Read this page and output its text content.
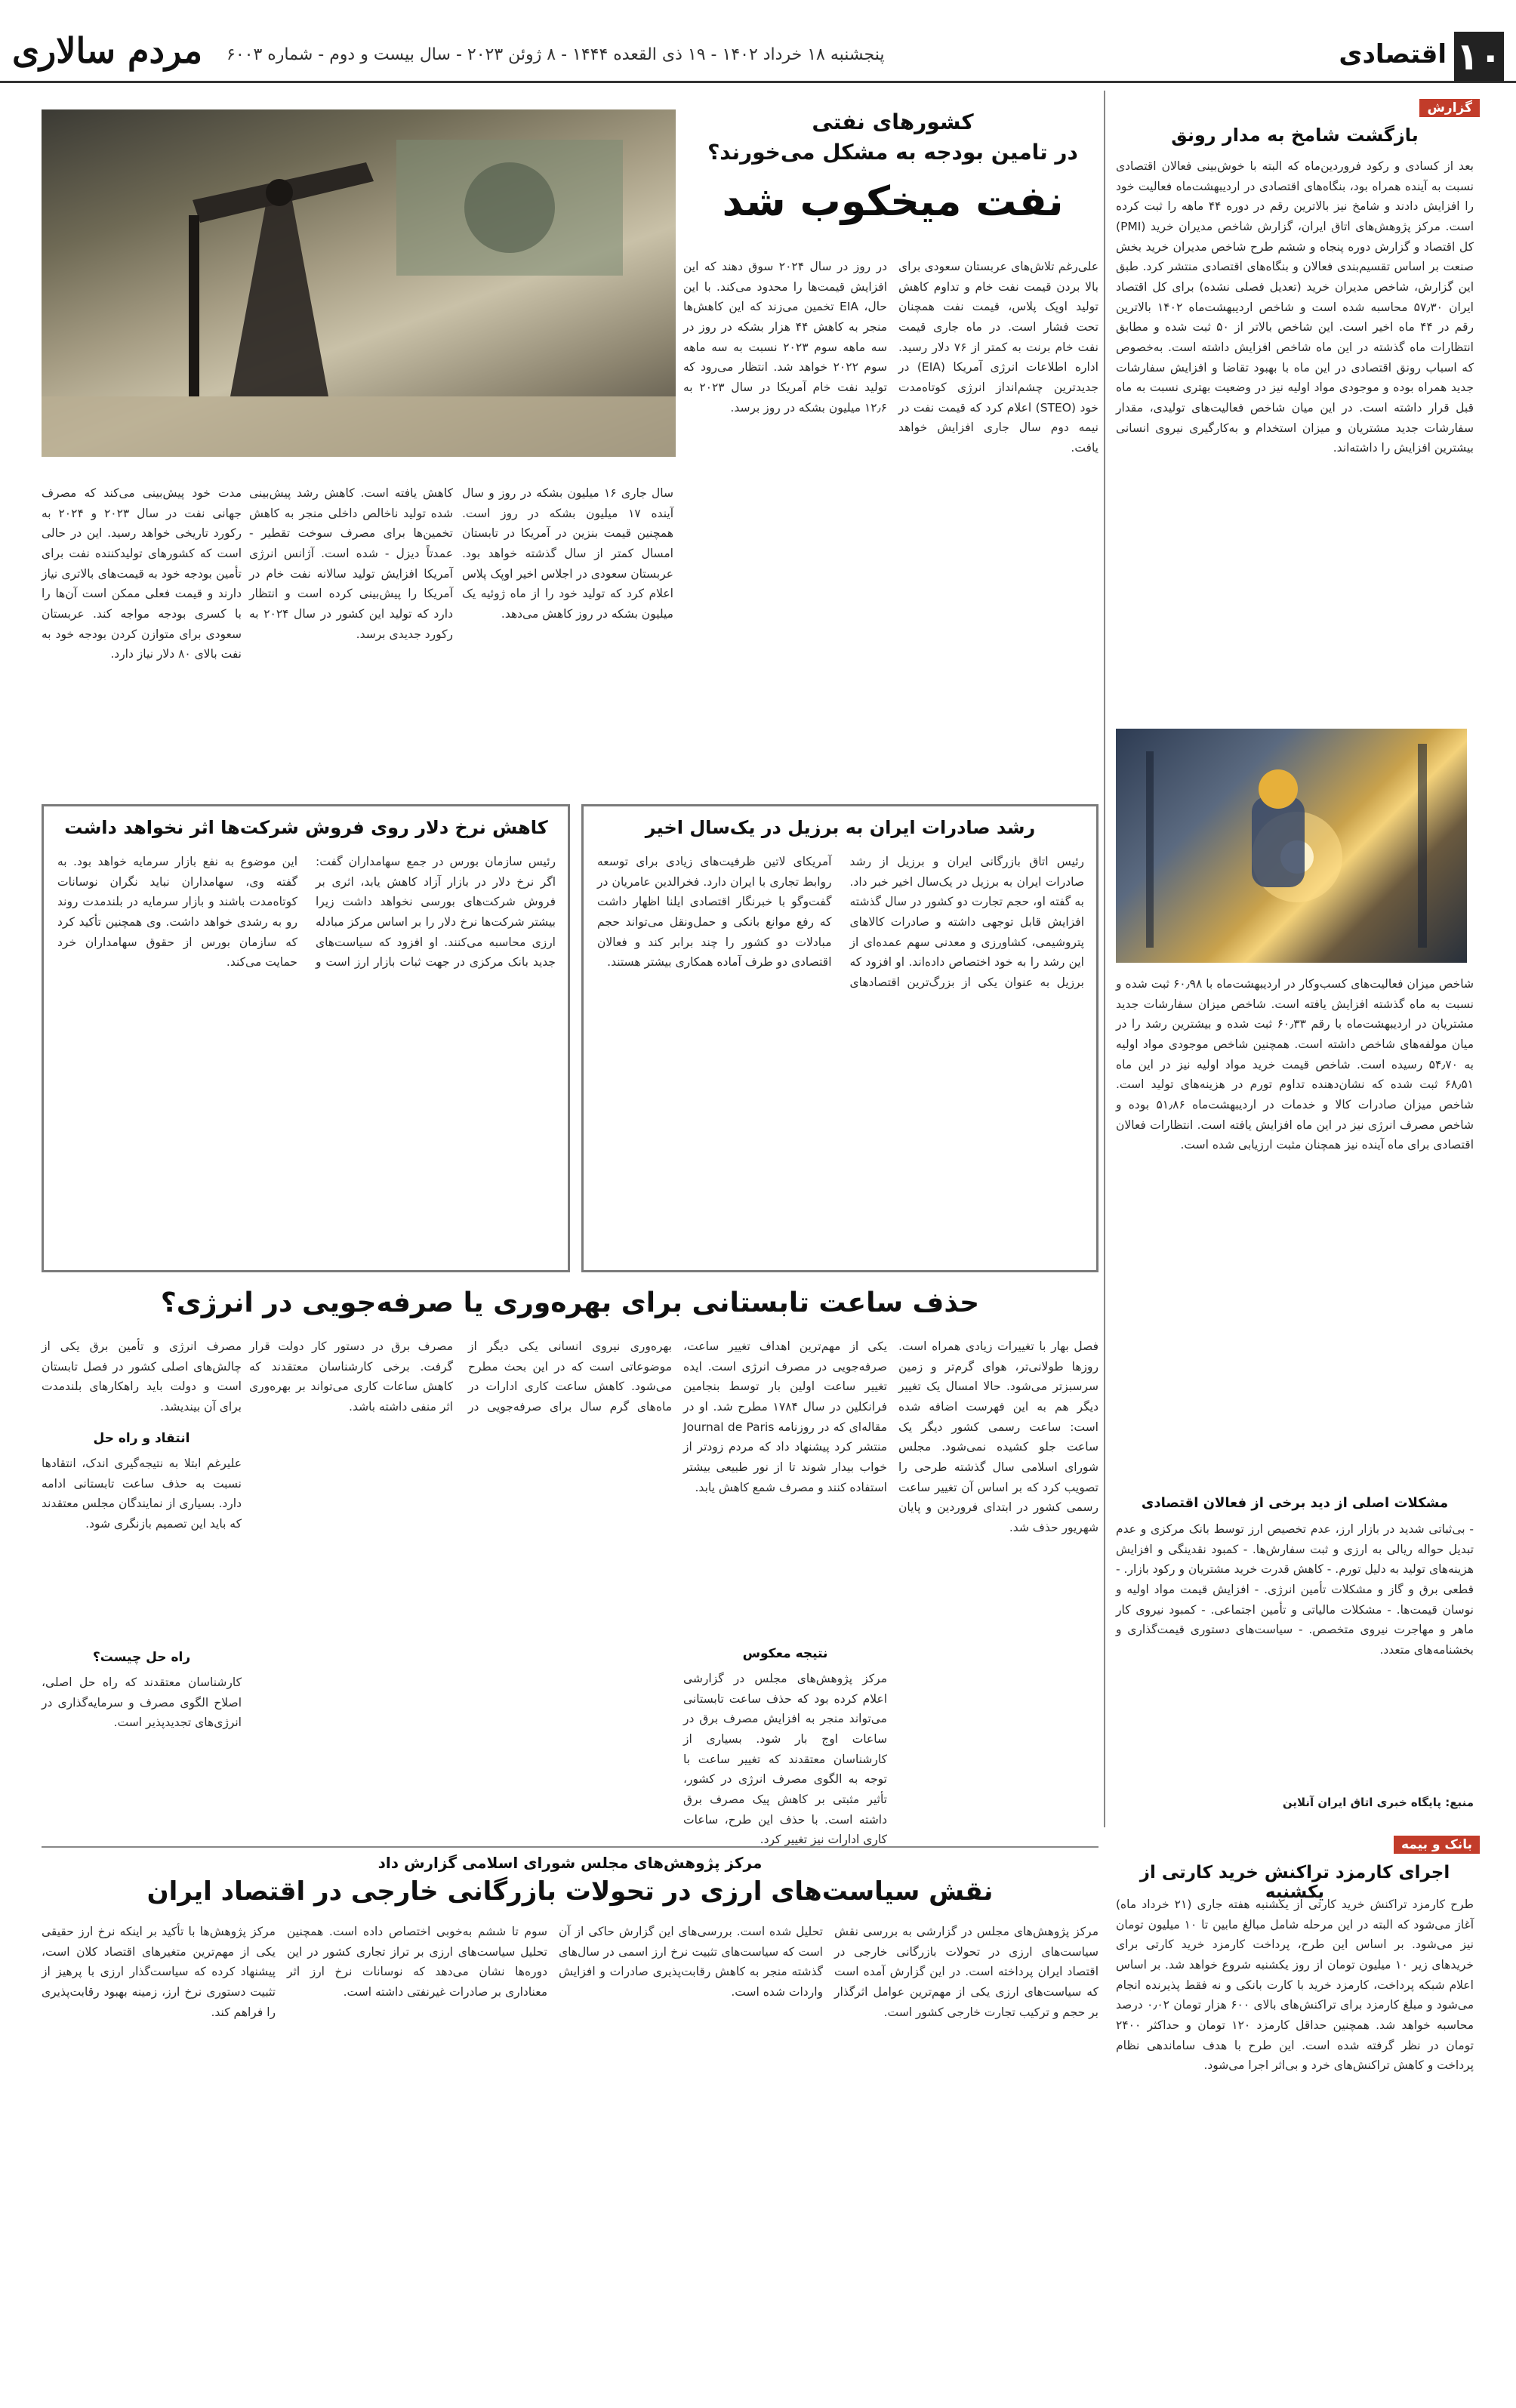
۱۰
اقتصادی
مردم سالاری پنجشنبه ۱۸ خرداد ۱۴۰۲ - ۱۹ ذی القعده ۱۴۴۴ - ۸ ژوئن ۲۰۲۳ - سال بیست و دوم - شماره ۶۰۰۳
گزارش
بازگشت شامخ به مدار رونق
بعد از کسادی و رکود فروردین‌ماه که البته با خوش‌بینی فعالان اقتصادی نسبت به آینده همراه بود، بنگاه‌های اقتصادی در اردیبهشت‌ماه فعالیت خود را افزایش دادند و شامخ نیز بالاترین رقم در دوره ۴۴ ماهه را ثبت کرده است. مرکز پژوهش‌های اتاق ایران، گزارش شاخص مدیران خرید (PMI) کل اقتصاد و گزارش دوره پنجاه و ششم طرح شاخص مدیران خرید بخش صنعت بر اساس تقسیم‌بندی فعالان و بنگاه‌های اقتصادی منتشر کرد. طبق این گزارش، شاخص مدیران خرید (تعدیل فصلی نشده) برای کل اقتصاد ایران ۵۷٫۳۰ محاسبه شده است و شاخص اردیبهشت‌ماه ۱۴۰۲ بالاترین رقم در ۴۴ ماه اخیر است. این شاخص بالاتر از ۵۰ ثبت شده و مطابق انتظارات ماه گذشته در این ماه شاخص افزایش داشته است. به‌خصوص که اسباب رونق اقتصادی در این ماه با بهبود تقاضا و افزایش سفارشات جدید همراه بوده و موجودی مواد اولیه نیز در وضعیت بهتری نسبت به ماه قبل قرار داشته است. در این میان شاخص فعالیت‌های تولیدی، مقدار سفارشات جدید مشتریان و میزان استخدام و به‌کارگیری نیروی انسانی بیشترین افزایش را داشته‌اند.
شاخص میزان فعالیت‌های کسب‌وکار در اردیبهشت‌ماه با ۶۰٫۹۸ ثبت شده و نسبت به ماه گذشته افزایش یافته است. شاخص میزان سفارشات جدید مشتریان در اردیبهشت‌ماه با رقم ۶۰٫۳۳ ثبت شده و بیشترین رشد را در میان مولفه‌های شاخص داشته است. همچنین شاخص موجودی مواد اولیه به ۵۴٫۷۰ رسیده است. شاخص قیمت خرید مواد اولیه نیز در این ماه ۶۸٫۵۱ ثبت شده که نشان‌دهنده تداوم تورم در هزینه‌های تولید است. شاخص میزان صادرات کالا و خدمات در اردیبهشت‌ماه ۵۱٫۸۶ بوده و شاخص مصرف انرژی نیز در این ماه افزایش یافته است. انتظارات فعالان اقتصادی برای ماه آینده نیز همچنان مثبت ارزیابی شده است.
مشکلات اصلی از دید برخی از فعالان اقتصادی
- بی‌ثباتی شدید در بازار ارز، عدم تخصیص ارز توسط بانک مرکزی و عدم تبدیل حواله ریالی به ارزی و ثبت سفارش‌ها. - کمبود نقدینگی و افزایش هزینه‌های تولید به دلیل تورم. - کاهش قدرت خرید مشتریان و رکود بازار. - قطعی برق و گاز و مشکلات تأمین انرژی. - افزایش قیمت مواد اولیه و نوسان قیمت‌ها. - مشکلات مالیاتی و تأمین اجتماعی. - کمبود نیروی کار ماهر و مهاجرت نیروی متخصص. - سیاست‌های دستوری قیمت‌گذاری و بخشنامه‌های متعدد.
منبع: پایگاه خبری اتاق ایران آنلاین
کشورهای نفتی
در تامین بودجه به مشکل می‌خورند؟
نفت میخکوب شد
علی‌رغم تلاش‌های عربستان سعودی برای بالا بردن قیمت نفت خام و تداوم کاهش تولید اوپک پلاس، قیمت نفت همچنان تحت فشار است. در ماه جاری قیمت نفت خام برنت به کمتر از ۷۶ دلار رسید. اداره اطلاعات انرژی آمریکا (EIA) در جدیدترین چشم‌انداز انرژی کوتاه‌مدت خود (STEO) اعلام کرد که قیمت نفت در نیمه دوم سال جاری افزایش خواهد یافت.
در روز در سال ۲۰۲۴ سوق دهند که این افزایش قیمت‌ها را محدود می‌کند. با این حال، EIA تخمین می‌زند که این کاهش‌ها منجر به کاهش ۴۴ هزار بشکه در روز در سه ماهه سوم ۲۰۲۳ نسبت به سه ماهه سوم ۲۰۲۲ خواهد شد. انتظار می‌رود که تولید نفت خام آمریکا در سال ۲۰۲۳ به ۱۲٫۶ میلیون بشکه در روز برسد.
سال جاری ۱۶ میلیون بشکه در روز و سال آینده ۱۷ میلیون بشکه در روز است. همچنین قیمت بنزین در آمریکا در تابستان امسال کمتر از سال گذشته خواهد بود. عربستان سعودی در اجلاس اخیر اوپک پلاس اعلام کرد که تولید خود را از ماه ژوئیه یک میلیون بشکه در روز کاهش می‌دهد.
کاهش یافته است. کاهش رشد پیش‌بینی شده تولید ناخالص داخلی منجر به کاهش تخمین‌ها برای مصرف سوخت تقطیر - عمدتاً دیزل - شده است. آژانس انرژی آمریکا افزایش تولید سالانه نفت خام در آمریکا را پیش‌بینی کرده است و انتظار دارد که تولید این کشور در سال ۲۰۲۴ به رکورد جدیدی برسد.
مدت خود پیش‌بینی می‌کند که مصرف جهانی نفت در سال ۲۰۲۳ و ۲۰۲۴ به رکورد تاریخی خواهد رسید. این در حالی است که کشورهای تولیدکننده نفت برای تأمین بودجه خود به قیمت‌های بالاتری نیاز دارند و قیمت فعلی ممکن است آن‌ها را با کسری بودجه مواجه کند. عربستان سعودی برای متوازن کردن بودجه خود به نفت بالای ۸۰ دلار نیاز دارد.
رشد صادرات ایران به برزیل در یک‌سال اخیر
رئیس اتاق بازرگانی ایران و برزیل از رشد صادرات ایران به برزیل در یک‌سال اخیر خبر داد. به گفته او، حجم تجارت دو کشور در سال گذشته افزایش قابل توجهی داشته و صادرات کالاهای پتروشیمی، کشاورزی و معدنی سهم عمده‌ای از این رشد را به خود اختصاص داده‌اند. او افزود که برزیل به عنوان یکی از بزرگ‌ترین اقتصادهای آمریکای لاتین ظرفیت‌های زیادی برای توسعه روابط تجاری با ایران دارد. فخرالدین عامریان در گفت‌وگو با خبرنگار اقتصادی ایلنا اظهار داشت که رفع موانع بانکی و حمل‌ونقل می‌تواند حجم مبادلات دو کشور را چند برابر کند و فعالان اقتصادی دو طرف آماده همکاری بیشتر هستند.
کاهش نرخ دلار روی فروش شرکت‌ها اثر نخواهد داشت
رئیس سازمان بورس در جمع سهامداران گفت: اگر نرخ دلار در بازار آزاد کاهش یابد، اثری بر فروش شرکت‌های بورسی نخواهد داشت زیرا بیشتر شرکت‌ها نرخ دلار را بر اساس مرکز مبادله ارزی محاسبه می‌کنند. او افزود که سیاست‌های جدید بانک مرکزی در جهت ثبات بازار ارز است و این موضوع به نفع بازار سرمایه خواهد بود. به گفته وی، سهامداران نباید نگران نوسانات کوتاه‌مدت باشند و بازار سرمایه در بلندمدت روند رو به رشدی خواهد داشت. وی همچنین تأکید کرد که سازمان بورس از حقوق سهامداران خرد حمایت می‌کند.
حذف ساعت تابستانی برای بهره‌وری یا صرفه‌جویی در انرژی؟
فصل بهار با تغییرات زیادی همراه است. روزها طولانی‌تر، هوای گرم‌تر و زمین سرسبزتر می‌شود. حالا امسال یک تغییر دیگر هم به این فهرست اضافه شده است: ساعت رسمی کشور دیگر یک ساعت جلو کشیده نمی‌شود. مجلس شورای اسلامی سال گذشته طرحی را تصویب کرد که بر اساس آن تغییر ساعت رسمی کشور در ابتدای فروردین و پایان شهریور حذف شد.
یکی از مهم‌ترین اهداف تغییر ساعت، صرفه‌جویی در مصرف انرژی است. ایده تغییر ساعت اولین بار توسط بنجامین فرانکلین در سال ۱۷۸۴ مطرح شد. او در مقاله‌ای که در روزنامه Journal de Paris منتشر کرد پیشنهاد داد که مردم زودتر از خواب بیدار شوند تا از نور طبیعی بیشتر استفاده کنند و مصرف شمع کاهش یابد.
نتیجه معکوس
مرکز پژوهش‌های مجلس در گزارشی اعلام کرده بود که حذف ساعت تابستانی می‌تواند منجر به افزایش مصرف برق در ساعات اوج بار شود. بسیاری از کارشناسان معتقدند که تغییر ساعت با توجه به الگوی مصرف انرژی در کشور، تأثیر مثبتی بر کاهش پیک مصرف برق داشته است. با حذف این طرح، ساعات کاری ادارات نیز تغییر کرد.
بهره‌وری نیروی انسانی یکی دیگر از موضوعاتی است که در این بحث مطرح می‌شود. کاهش ساعت کاری ادارات در ماه‌های گرم سال برای صرفه‌جویی در مصرف برق در دستور کار دولت قرار گرفت. برخی کارشناسان معتقدند که کاهش ساعات کاری می‌تواند بر بهره‌وری اثر منفی داشته باشد.
مصرف انرژی و تأمین برق یکی از چالش‌های اصلی کشور در فصل تابستان است و دولت باید راهکارهای بلندمدت برای آن بیندیشد.
انتقاد و راه حل
علیرغم ابتلا به نتیجه‌گیری اندک، انتقادها نسبت به حذف ساعت تابستانی ادامه دارد. بسیاری از نمایندگان مجلس معتقدند که باید این تصمیم بازنگری شود.
راه حل چیست؟
کارشناسان معتقدند که راه حل اصلی، اصلاح الگوی مصرف و سرمایه‌گذاری در انرژی‌های تجدیدپذیر است.
مرکز پژوهش‌های مجلس شورای اسلامی گزارش داد
نقش سیاست‌های ارزی در تحولات بازرگانی خارجی در اقتصاد ایران
مرکز پژوهش‌های مجلس در گزارشی به بررسی نقش سیاست‌های ارزی در تحولات بازرگانی خارجی در اقتصاد ایران پرداخته است. در این گزارش آمده است که سیاست‌های ارزی یکی از مهم‌ترین عوامل اثرگذار بر حجم و ترکیب تجارت خارجی کشور است.
تحلیل شده است. بررسی‌های این گزارش حاکی از آن است که سیاست‌های تثبیت نرخ ارز اسمی در سال‌های گذشته منجر به کاهش رقابت‌پذیری صادرات و افزایش واردات شده است.
سوم تا ششم به‌خوبی اختصاص داده است. همچنین تحلیل سیاست‌های ارزی بر تراز تجاری کشور در این دوره‌ها نشان می‌دهد که نوسانات نرخ ارز اثر معناداری بر صادرات غیرنفتی داشته است.
مرکز پژوهش‌ها با تأکید بر اینکه نرخ ارز حقیقی یکی از مهم‌ترین متغیرهای اقتصاد کلان است، پیشنهاد کرده که سیاست‌گذار ارزی با پرهیز از تثبیت دستوری نرخ ارز، زمینه بهبود رقابت‌پذیری را فراهم کند.
بانک و بیمه
اجرای کارمزد تراکنش خرید کارتی از یکشنبه
طرح کارمزد تراکنش خرید کارتی از یکشنبه هفته جاری (۲۱ خرداد ماه) آغاز می‌شود که البته در این مرحله شامل مبالغ مابین تا ۱۰ میلیون تومان نیز می‌شود. بر اساس این طرح، پرداخت کارمزد خرید کارتی برای خریدهای زیر ۱۰ میلیون تومان از روز یکشنبه شروع خواهد شد. بر اساس اعلام شبکه پرداخت، کارمزد خرید با کارت بانکی و نه فقط پذیرنده انجام می‌شود و مبلغ کارمزد برای تراکنش‌های بالای ۶۰۰ هزار تومان ۰٫۰۲ درصد محاسبه خواهد شد. همچنین حداقل کارمزد ۱۲۰ تومان و حداکثر ۲۴۰۰ تومان در نظر گرفته شده است. این طرح با هدف ساماندهی نظام پرداخت و کاهش تراکنش‌های خرد و بی‌اثر اجرا می‌شود.
